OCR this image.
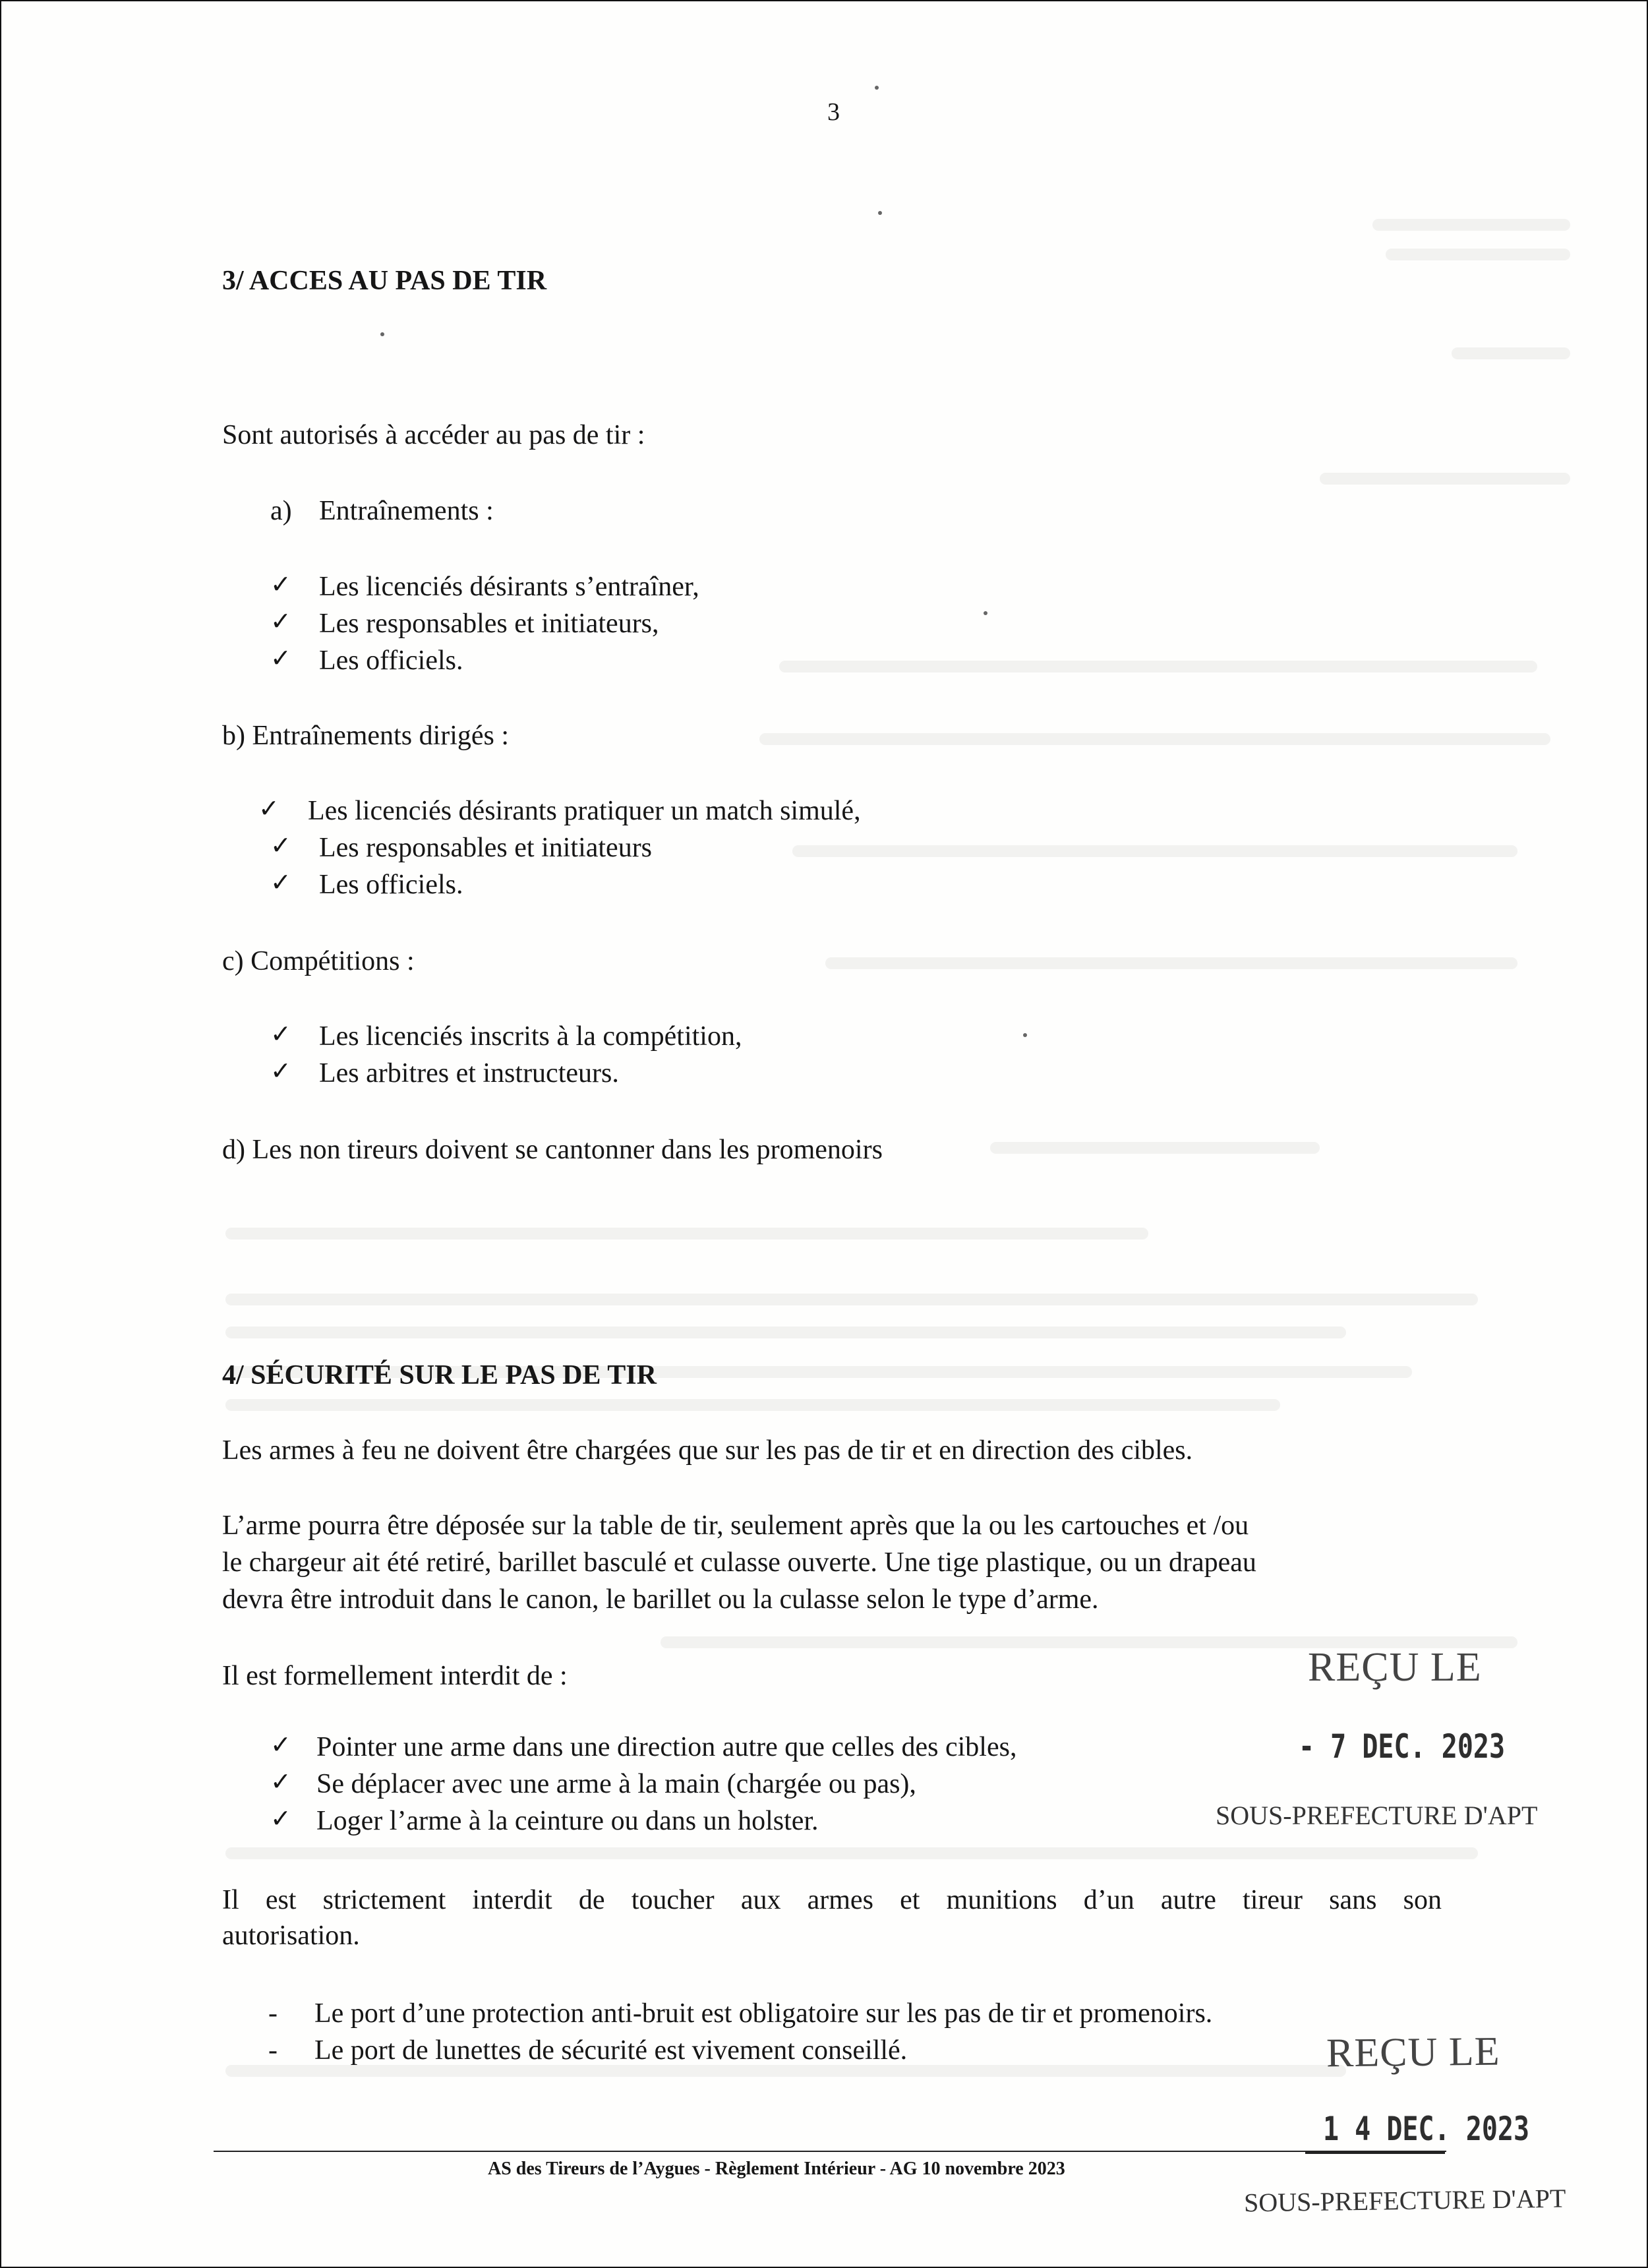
3
3/ ACCES AU PAS DE TIR
Sont autorisés à accéder au pas de tir :
a) Entraînements :
✓ Les licenciés désirants s’entraîner,
✓ Les responsables et initiateurs,
✓ Les officiels.
b) Entraînements dirigés :
✓ Les licenciés désirants pratiquer un match simulé,
✓ Les responsables et initiateurs
✓ Les officiels.
c) Compétitions :
✓ Les licenciés inscrits à la compétition,
✓ Les arbitres et instructeurs.
d) Les non tireurs doivent se cantonner dans les promenoirs
4/ SÉCURITÉ SUR LE PAS DE TIR
Les armes à feu ne doivent être chargées que sur les pas de tir et en direction des cibles.
L’arme pourra être déposée sur la table de tir, seulement après que la ou les cartouches et /ou
le chargeur ait été retiré, barillet basculé et culasse ouverte. Une tige plastique, ou un drapeau
devra être introduit dans le canon, le barillet ou la culasse selon le type d’arme.
Il est formellement interdit de :
✓ Pointer une arme dans une direction autre que celles des cibles,
✓ Se déplacer avec une arme à la main (chargée ou pas),
✓ Loger l’arme à la ceinture ou dans un holster.
Il est strictement interdit de toucher aux armes et munitions d’un autre tireur sans son
autorisation.
- Le port d’une protection anti-bruit est obligatoire sur les pas de tir et promenoirs.
- Le port de lunettes de sécurité est vivement conseillé.
REÇU LE
- 7 DEC. 2023
SOUS-PREFECTURE D'APT
REÇU LE
1 4 DEC. 2023
SOUS-PREFECTURE D'APT
AS des Tireurs de l’Aygues - Règlement Intérieur - AG 10 novembre 2023
